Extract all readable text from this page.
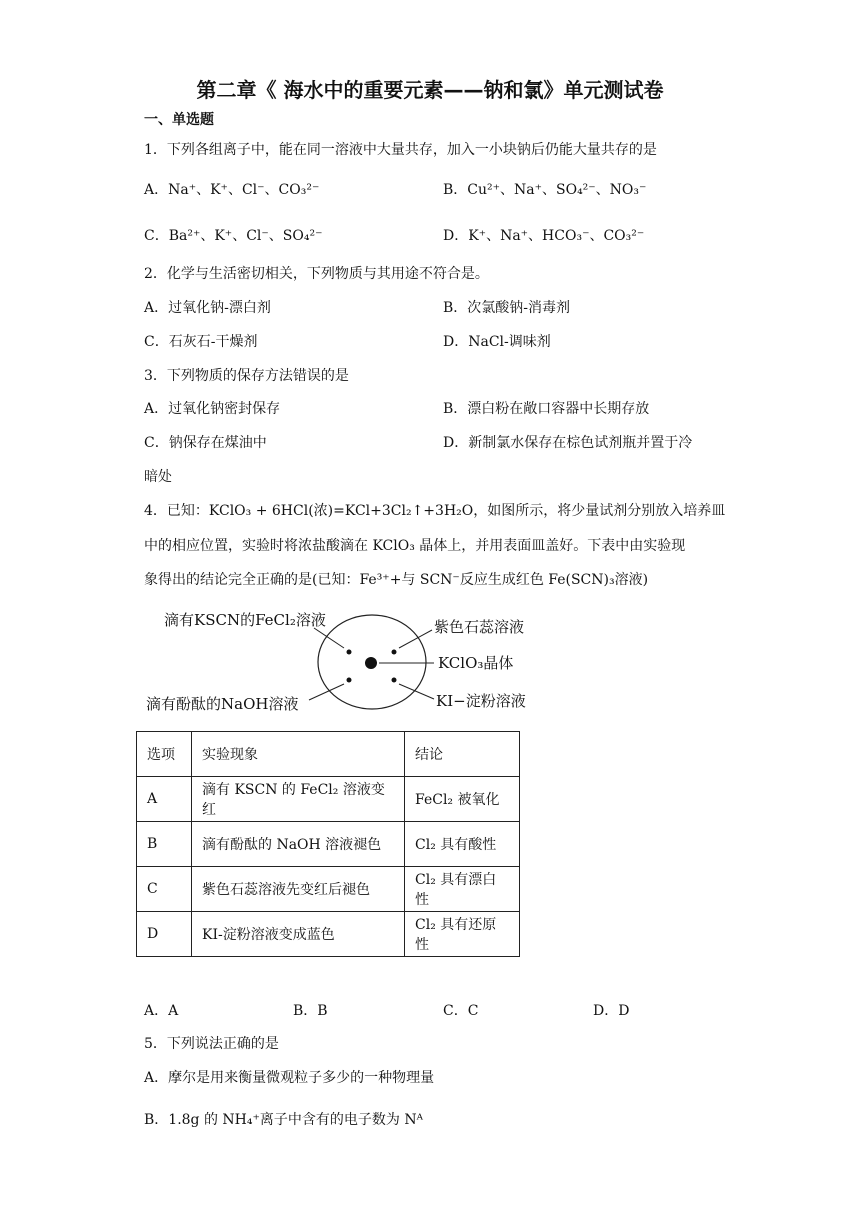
第二章《 海水中的重要元素——钠和氯》单元测试卷
一、单选题
1．下列各组离子中，能在同一溶液中大量共存，加入一小块钠后仍能大量共存的是
A．Na⁺、K⁺、Cl⁻、CO₃²⁻	B．Cu²⁺、Na⁺、SO₄²⁻、NO₃⁻
C．Ba²⁺、K⁺、Cl⁻、SO₄²⁻	D．K⁺、Na⁺、HCO₃⁻、CO₃²⁻
2．化学与生活密切相关，下列物质与其用途不符合是。
A．过氧化钠-漂白剂	B．次氯酸钠-消毒剂
C．石灰石-干燥剂	D．NaCl-调味剂
3．下列物质的保存方法错误的是
A．过氧化钠密封保存	B．漂白粉在敞口容器中长期存放
C．钠保存在煤油中	D．新制氯水保存在棕色试剂瓶并置于冷
暗处
4．已知：KClO₃ + 6HCl(浓)=KCl+3Cl₂↑+3H₂O，如图所示，将少量试剂分别放入培养皿
中的相应位置，实验时将浓盐酸滴在 KClO₃ 晶体上，并用表面皿盖好。下表中由实验现
象得出的结论完全正确的是(已知：Fe³⁺+与 SCN⁻反应生成红色 Fe(SCN)₃溶液)
滴有KSCN的FeCl₂溶液	紫色石蕊溶液
KClO₃晶体
滴有酚酞的NaOH溶液	KI−淀粉溶液
选项	实验现象	结论
A	滴有 KSCN 的 FeCl₂ 溶液变红	FeCl₂ 被氧化
B	滴有酚酞的 NaOH 溶液褪色	Cl₂ 具有酸性
C	紫色石蕊溶液先变红后褪色	Cl₂ 具有漂白性
D	KI-淀粉溶液变成蓝色	Cl₂ 具有还原性
A．A	B．B	C．C	D．D
5．下列说法正确的是
A．摩尔是用来衡量微观粒子多少的一种物理量
B．1.8g 的 NH₄⁺离子中含有的电子数为 Nᴬ
